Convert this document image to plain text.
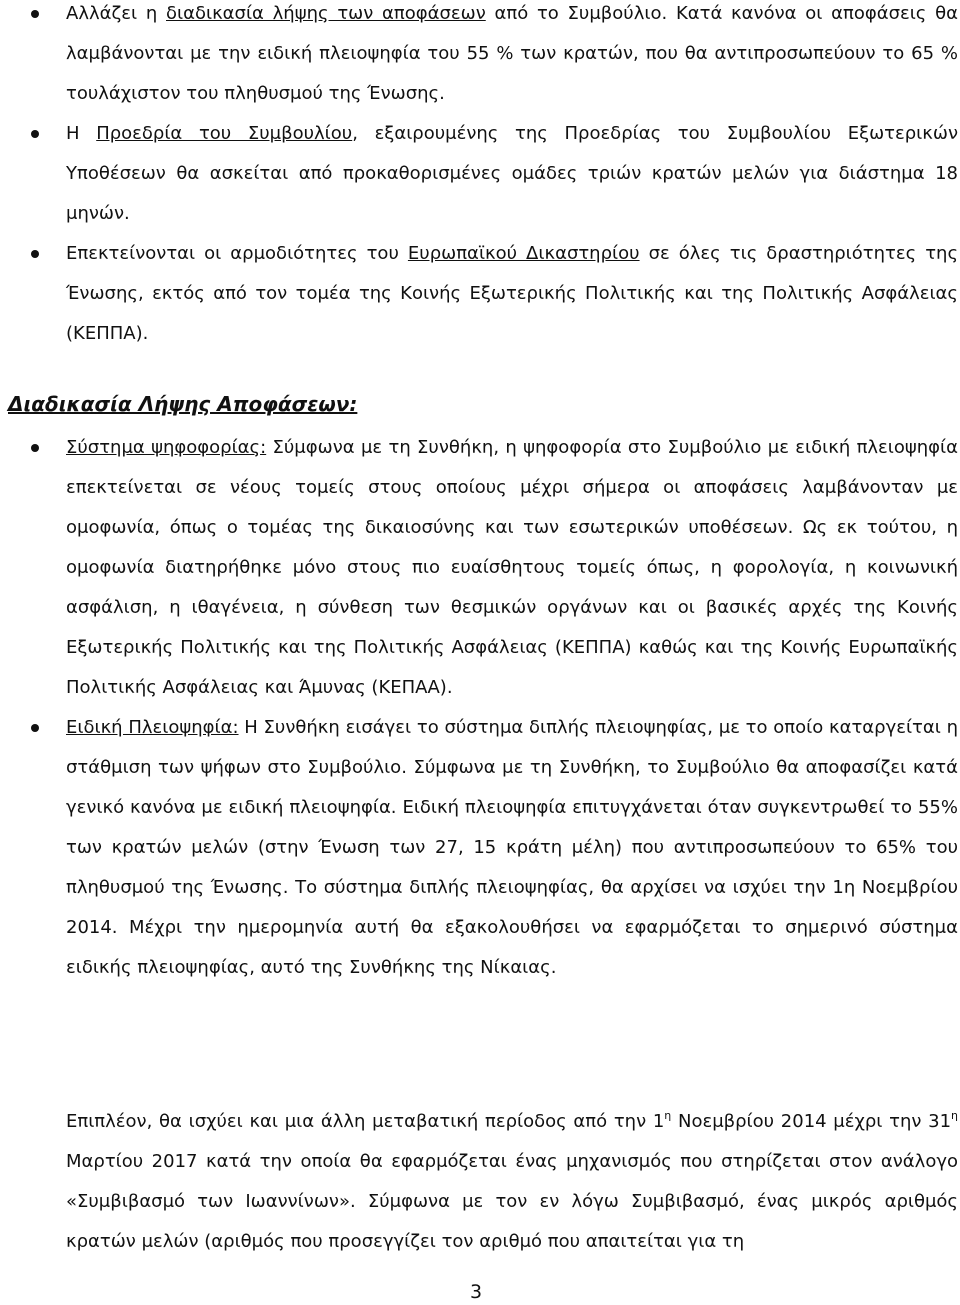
Αλλάζει η διαδικασία λήψης των αποφάσεων από το Συμβούλιο. Κατά κανόνα οι αποφάσεις θα λαμβάνονται με την ειδική πλειοψηφία του 55 % των κρατών, που θα αντιπροσωπεύουν το 65 % τουλάχιστον του πληθυσμού της Ένωσης.
Η Προεδρία του Συμβουλίου, εξαιρουμένης της Προεδρίας του Συμβουλίου Εξωτερικών Υποθέσεων θα ασκείται από προκαθορισμένες ομάδες τριών κρατών μελών για διάστημα 18 μηνών.
Επεκτείνονται οι αρμοδιότητες του Ευρωπαϊκού Δικαστηρίου σε όλες τις δραστηριότητες της Ένωσης, εκτός από τον τομέα της Κοινής Εξωτερικής Πολιτικής και της Πολιτικής Ασφάλειας (ΚΕΠΠΑ).
Διαδικασία Λήψης Αποφάσεων:
Σύστημα ψηφοφορίας: Σύμφωνα με τη Συνθήκη, η ψηφοφορία στο Συμβούλιο με ειδική πλειοψηφία επεκτείνεται σε νέους τομείς στους οποίους μέχρι σήμερα οι αποφάσεις λαμβάνονταν με ομοφωνία, όπως ο τομέας της δικαιοσύνης και των εσωτερικών υποθέσεων. Ως εκ τούτου, η ομοφωνία διατηρήθηκε μόνο στους πιο ευαίσθητους τομείς όπως, η φορολογία, η κοινωνική ασφάλιση, η ιθαγένεια, η σύνθεση των θεσμικών οργάνων και οι βασικές αρχές της Κοινής Εξωτερικής Πολιτικής και της Πολιτικής Ασφάλειας (ΚΕΠΠΑ) καθώς και της Κοινής Ευρωπαϊκής Πολιτικής Ασφάλειας και Άμυνας (ΚΕΠΑΑ).
Ειδική Πλειοψηφία: Η Συνθήκη εισάγει το σύστημα διπλής πλειοψηφίας, με το οποίο καταργείται η στάθμιση των ψήφων στο Συμβούλιο. Σύμφωνα με τη Συνθήκη, το Συμβούλιο θα αποφασίζει κατά γενικό κανόνα με ειδική πλειοψηφία. Ειδική πλειοψηφία επιτυγχάνεται όταν συγκεντρωθεί το 55% των κρατών μελών (στην Ένωση των 27, 15 κράτη μέλη) που αντιπροσωπεύουν το 65% του πληθυσμού της Ένωσης. Το σύστημα διπλής πλειοψηφίας, θα αρχίσει να ισχύει την 1η Νοεμβρίου 2014. Μέχρι την ημερομηνία αυτή θα εξακολουθήσει να εφαρμόζεται το σημερινό σύστημα ειδικής πλειοψηφίας, αυτό της Συνθήκης της Νίκαιας.

Επιπλέον, θα ισχύει και μια άλλη μεταβατική περίοδος από την $1^\eta$ Νοεμβρίου 2014 μέχρι την $31^\eta$ Μαρτίου 2017 κατά την οποία θα εφαρμόζεται ένας μηχανισμός που στηρίζεται στον ανάλογο «Συμβιβασμό των Ιωαννίνων». Σύμφωνα με τον εν λόγω Συμβιβασμό, ένας μικρός αριθμός κρατών μελών (αριθμός που προσεγγίζει τον αριθμό που απαιτείται για τη

3
